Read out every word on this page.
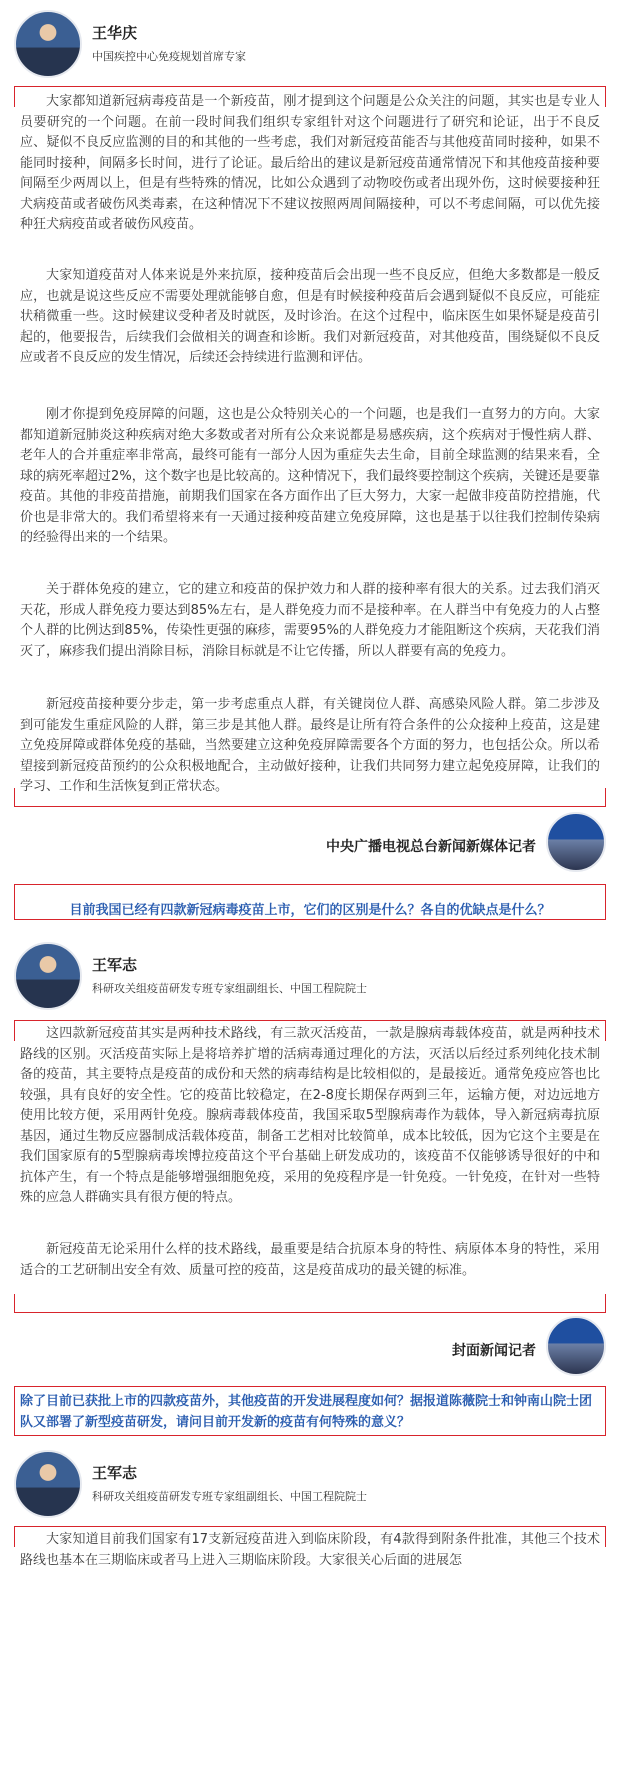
王华庆
中国疾控中心免疫规划首席专家

大家都知道新冠病毒疫苗是一个新疫苗，刚才提到这个问题是公众关注的问题，其实也是专业人员要研究的一个问题。在前一段时间我们组织专家组针对这个问题进行了研究和论证，出于不良反应、疑似不良反应监测的目的和其他的一些考虑，我们对新冠疫苗能否与其他疫苗同时接种，如果不能同时接种，间隔多长时间，进行了论证。最后给出的建议是新冠疫苗通常情况下和其他疫苗接种要间隔至少两周以上，但是有些特殊的情况，比如公众遇到了动物咬伤或者出现外伤，这时候要接种狂犬病疫苗或者破伤风类毒素，在这种情况下不建议按照两周间隔接种，可以不考虑间隔，可以优先接种狂犬病疫苗或者破伤风疫苗。

大家知道疫苗对人体来说是外来抗原，接种疫苗后会出现一些不良反应，但绝大多数都是一般反应，也就是说这些反应不需要处理就能够自愈，但是有时候接种疫苗后会遇到疑似不良反应，可能症状稍微重一些。这时候建议受种者及时就医，及时诊治。在这个过程中，临床医生如果怀疑是疫苗引起的，他要报告，后续我们会做相关的调查和诊断。我们对新冠疫苗，对其他疫苗，围绕疑似不良反应或者不良反应的发生情况，后续还会持续进行监测和评估。

刚才你提到免疫屏障的问题，这也是公众特别关心的一个问题，也是我们一直努力的方向。大家都知道新冠肺炎这种疾病对绝大多数或者对所有公众来说都是易感疾病，这个疾病对于慢性病人群、老年人的合并重症率非常高，最终可能有一部分人因为重症失去生命，目前全球监测的结果来看，全球的病死率超过2%，这个数字也是比较高的。这种情况下，我们最终要控制这个疾病，关键还是要靠疫苗。其他的非疫苗措施，前期我们国家在各方面作出了巨大努力，大家一起做非疫苗防控措施，代价也是非常大的。我们希望将来有一天通过接种疫苗建立免疫屏障，这也是基于以往我们控制传染病的经验得出来的一个结果。

关于群体免疫的建立，它的建立和疫苗的保护效力和人群的接种率有很大的关系。过去我们消灭天花，形成人群免疫力要达到85%左右，是人群免疫力而不是接种率。在人群当中有免疫力的人占整个人群的比例达到85%，传染性更强的麻疹，需要95%的人群免疫力才能阻断这个疾病，天花我们消灭了，麻疹我们提出消除目标，消除目标就是不让它传播，所以人群要有高的免疫力。

新冠疫苗接种要分步走，第一步考虑重点人群，有关键岗位人群、高感染风险人群。第二步涉及到可能发生重症风险的人群，第三步是其他人群。最终是让所有符合条件的公众接种上疫苗，这是建立免疫屏障或群体免疫的基础，当然要建立这种免疫屏障需要各个方面的努力，也包括公众。所以希望接到新冠疫苗预约的公众积极地配合，主动做好接种，让我们共同努力建立起免疫屏障，让我们的学习、工作和生活恢复到正常状态。

中央广播电视总台新闻新媒体记者

目前我国已经有四款新冠病毒疫苗上市，它们的区别是什么？各自的优缺点是什么？

王军志
科研攻关组疫苗研发专班专家组副组长、中国工程院院士

这四款新冠疫苗其实是两种技术路线，有三款灭活疫苗，一款是腺病毒载体疫苗，就是两种技术路线的区别。灭活疫苗实际上是将培养扩增的活病毒通过理化的方法，灭活以后经过系列纯化技术制备的疫苗，其主要特点是疫苗的成份和天然的病毒结构是比较相似的，是最接近。通常免疫应答也比较强，具有良好的安全性。它的疫苗比较稳定，在2-8度长期保存两到三年，运输方便，对边远地方使用比较方便，采用两针免疫。腺病毒载体疫苗，我国采取5型腺病毒作为载体，导入新冠病毒抗原基因，通过生物反应器制成活载体疫苗，制备工艺相对比较简单，成本比较低，因为它这个主要是在我们国家原有的5型腺病毒埃博拉疫苗这个平台基础上研发成功的，该疫苗不仅能够诱导很好的中和抗体产生，有一个特点是能够增强细胞免疫，采用的免疫程序是一针免疫。一针免疫，在针对一些特殊的应急人群确实具有很方便的特点。

新冠疫苗无论采用什么样的技术路线，最重要是结合抗原本身的特性、病原体本身的特性，采用适合的工艺研制出安全有效、质量可控的疫苗，这是疫苗成功的最关键的标准。

封面新闻记者

除了目前已获批上市的四款疫苗外，其他疫苗的开发进展程度如何？据报道陈薇院士和钟南山院士团队又部署了新型疫苗研发，请问目前开发新的疫苗有何特殊的意义？

王军志
科研攻关组疫苗研发专班专家组副组长、中国工程院院士

大家知道目前我们国家有17支新冠疫苗进入到临床阶段，有4款得到附条件批准，其他三个技术路线也基本在三期临床或者马上进入三期临床阶段。大家很关心后面的进展怎
